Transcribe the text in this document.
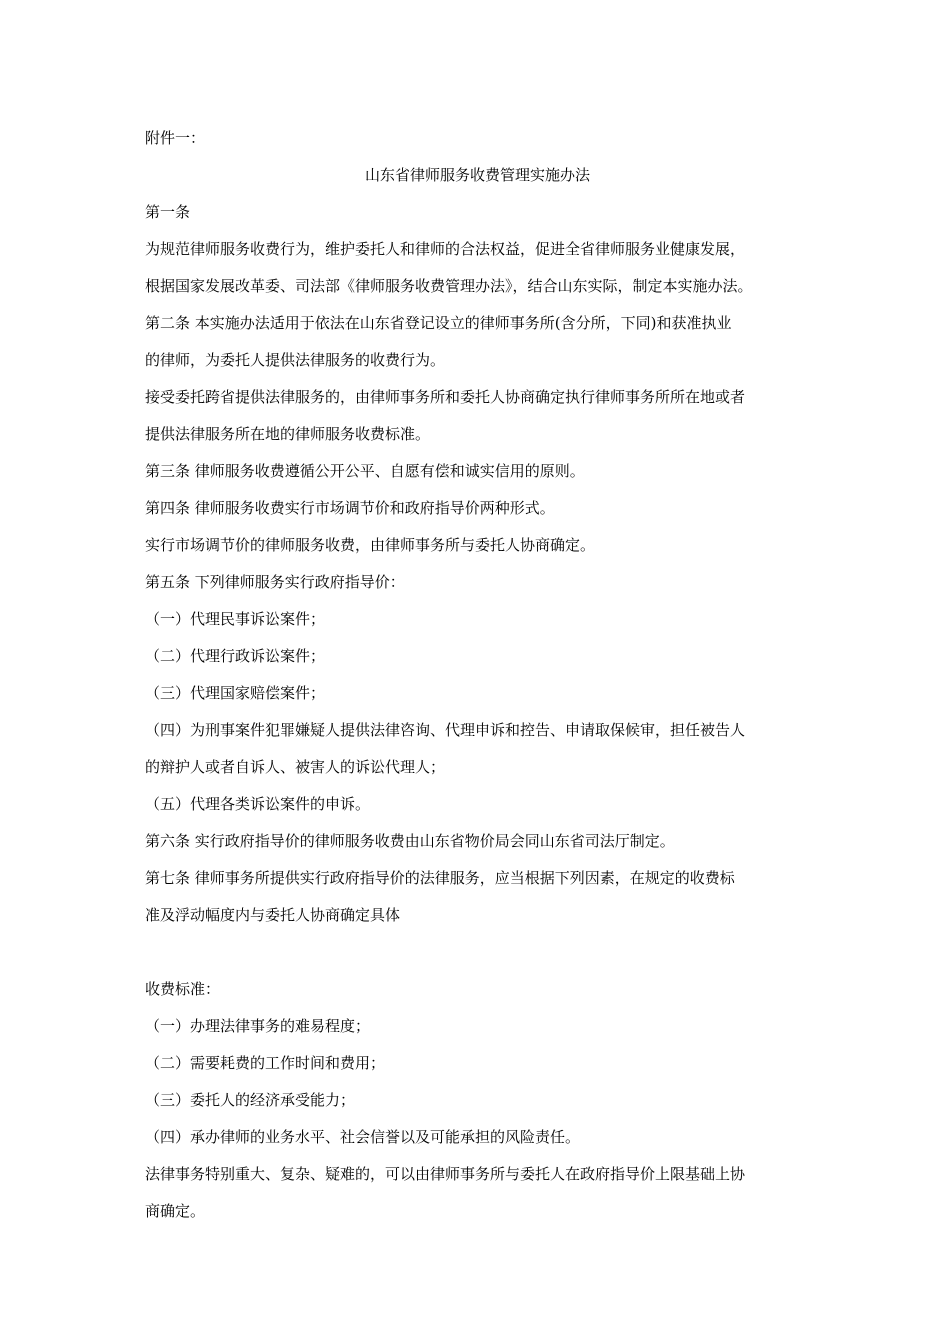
附件一：
山东省律师服务收费管理实施办法
第一条
为规范律师服务收费行为，维护委托人和律师的合法权益，促进全省律师服务业健康发展，
根据国家发展改革委、司法部《律师服务收费管理办法》，结合山东实际，制定本实施办法。
第二条 本实施办法适用于依法在山东省登记设立的律师事务所(含分所，下同)和获准执业
的律师，为委托人提供法律服务的收费行为。
接受委托跨省提供法律服务的，由律师事务所和委托人协商确定执行律师事务所所在地或者
提供法律服务所在地的律师服务收费标准。
第三条 律师服务收费遵循公开公平、自愿有偿和诚实信用的原则。
第四条 律师服务收费实行市场调节价和政府指导价两种形式。
实行市场调节价的律师服务收费，由律师事务所与委托人协商确定。
第五条 下列律师服务实行政府指导价：
（一）代理民事诉讼案件；
（二）代理行政诉讼案件；
（三）代理国家赔偿案件；
（四）为刑事案件犯罪嫌疑人提供法律咨询、代理申诉和控告、申请取保候审，担任被告人
的辩护人或者自诉人、被害人的诉讼代理人；
（五）代理各类诉讼案件的申诉。
第六条 实行政府指导价的律师服务收费由山东省物价局会同山东省司法厅制定。
第七条 律师事务所提供实行政府指导价的法律服务，应当根据下列因素，在规定的收费标
准及浮动幅度内与委托人协商确定具体
收费标准：
（一）办理法律事务的难易程度；
（二）需要耗费的工作时间和费用；
（三）委托人的经济承受能力；
（四）承办律师的业务水平、社会信誉以及可能承担的风险责任。
法律事务特别重大、复杂、疑难的，可以由律师事务所与委托人在政府指导价上限基础上协
商确定。
